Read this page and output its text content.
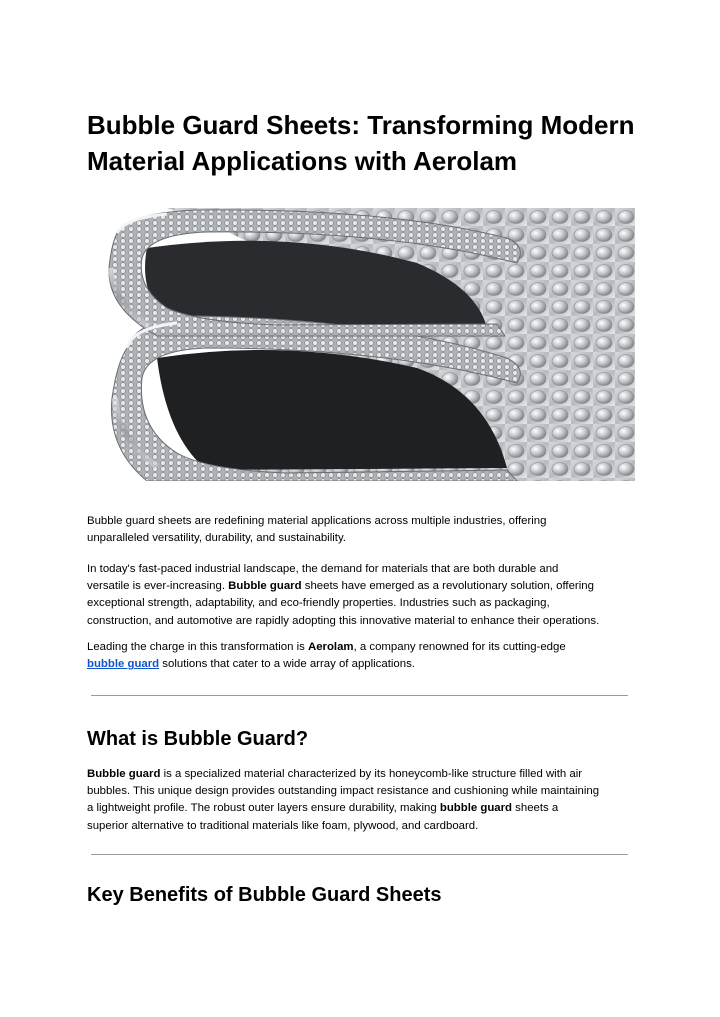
Bubble Guard Sheets: Transforming Modern
Material Applications with Aerolam

Bubble guard sheets are redefining material applications across multiple industries, offering
unparalleled versatility, durability, and sustainability.

In today's fast-paced industrial landscape, the demand for materials that are both durable and
versatile is ever-increasing. Bubble guard sheets have emerged as a revolutionary solution, offering
exceptional strength, adaptability, and eco-friendly properties. Industries such as packaging,
construction, and automotive are rapidly adopting this innovative material to enhance their operations.

Leading the charge in this transformation is Aerolam, a company renowned for its cutting-edge
bubble guard solutions that cater to a wide array of applications.

What is Bubble Guard?

Bubble guard is a specialized material characterized by its honeycomb-like structure filled with air
bubbles. This unique design provides outstanding impact resistance and cushioning while maintaining
a lightweight profile. The robust outer layers ensure durability, making bubble guard sheets a
superior alternative to traditional materials like foam, plywood, and cardboard.

Key Benefits of Bubble Guard Sheets
